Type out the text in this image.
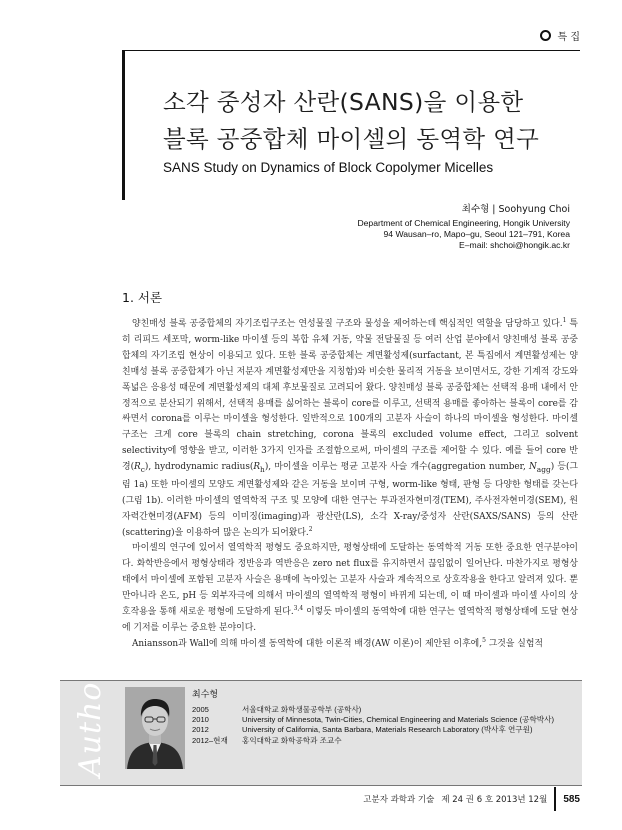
특 집
소각 중성자 산란(SANS)을 이용한
블록 공중합체 마이셀의 동역학 연구
SANS Study on Dynamics of Block Copolymer Micelles
최수형 | Soohyung Choi
Department of Chemical Engineering, Hongik University
94 Wausan–ro, Mapo–gu, Seoul 121–791, Korea
E–mail: shchoi@hongik.ac.kr
1. 서론

양친매성 블록 공중합체의 자기조립구조는 연성물질 구조와 물성을 제어하는데 핵심적인 역할을 담당하고 있다.$^1$ 특히 리피드 세포막, worm-like 마이셀 등의 복합 유체 거동, 약물 전달물질 등 여러 산업 분야에서 양친매성 블록 공중합체의 자기조립 현상이 이용되고 있다. 또한 블록 공중합체는 계면활성제(surfactant, 본 특집에서 계면활성제는 양친매성 블록 공중합체가 아닌 저분자 계면활성제만을 지칭함)와 비슷한 물리적 거동을 보이면서도, 강한 기계적 강도와 폭넓은 응용성 때문에 계면활성제의 대체 후보물질로 고려되어 왔다. 양친매성 블록 공중합체는 선택적 용매 내에서 안정적으로 분산되기 위해서, 선택적 용매를 싫어하는 블록이 core를 이루고, 선택적 용매를 좋아하는 블록이 core를 감싸면서 corona를 이루는 마이셀을 형성한다. 일반적으로 100개의 고분자 사슬이 하나의 마이셀을 형성한다. 마이셀 구조는 크게 core 블록의 chain stretching, corona 블록의 excluded volume effect, 그리고 solvent selectivity에 영향을 받고, 이러한 3가지 인자를 조절함으로써, 마이셀의 구조를 제어할 수 있다. 예를 들어 core 반경$(R_c)$, hydrodynamic $radius(R_h)$, 마이셀을 이루는 평균 고분자 사슬 개수(aggregation number, $N_{agg}$) 등(그림 1a) 또한 마이셀의 모양도 계면활성제와 같은 거동을 보이며 구형, worm-like 형태, 판형 등 다양한 형태를 갖는다(그림 1b). 이러한 마이셀의 열역학적 구조 및 모양에 대한 연구는 투과전자현미경(TEM), 주사전자현미경(SEM), 원자력간현미경(AFM) 등의 이미징(imaging)과 광산란(LS), 소각 X-ray/중성자 산란(SAXS/SANS) 등의 산란(scattering)을 이용하여 많은 논의가 되어왔다.$^2$

마이셀의 연구에 있어서 열역학적 평형도 중요하지만, 평형상태에 도달하는 동역학적 거동 또한 중요한 연구분야이다. 화학반응에서 평형상태라 정반응과 역반응은 zero net flux를 유지하면서 끊임없이 일어난다. 마찬가지로 평형상태에서 마이셀에 포함된 고분자 사슬은 용매에 녹아있는 고분자 사슬과 계속적으로 상호작용을 한다고 알려져 있다. 뿐만아니라 온도, pH 등 외부자극에 의해서 마이셀의 열역학적 평형이 바뀌게 되는데, 이 때 마이셀과 마이셀 사이의 상호작용을 통해 새로운 평형에 도달하게 된다.$^{3,4}$ 이렇듯 마이셀의 동역학에 대한 연구는 열역학적 평형상태에 도달 현상에 기저를 이루는 중요한 분야이다.

Aniansson과 Wall에 의해 마이셀 동역학에 대한 이론적 배경(AW 이론)이 제안된 이후에,$^5$ 그것을 실험적

Author	최수형
2005	서울대학교 화학생물공학부 (공학사)
2010	University of Minnesota, Twin-Cities, Chemical Engineering and Materials Science (공학박사)
2012	University of California, Santa Barbara, Materials Research Laboratory (박사후 연구원)
2012–현재	홍익대학교 화학공학과 조교수
고분자 과학과 기술 제 24 권 6 호 2013년 12월 585
